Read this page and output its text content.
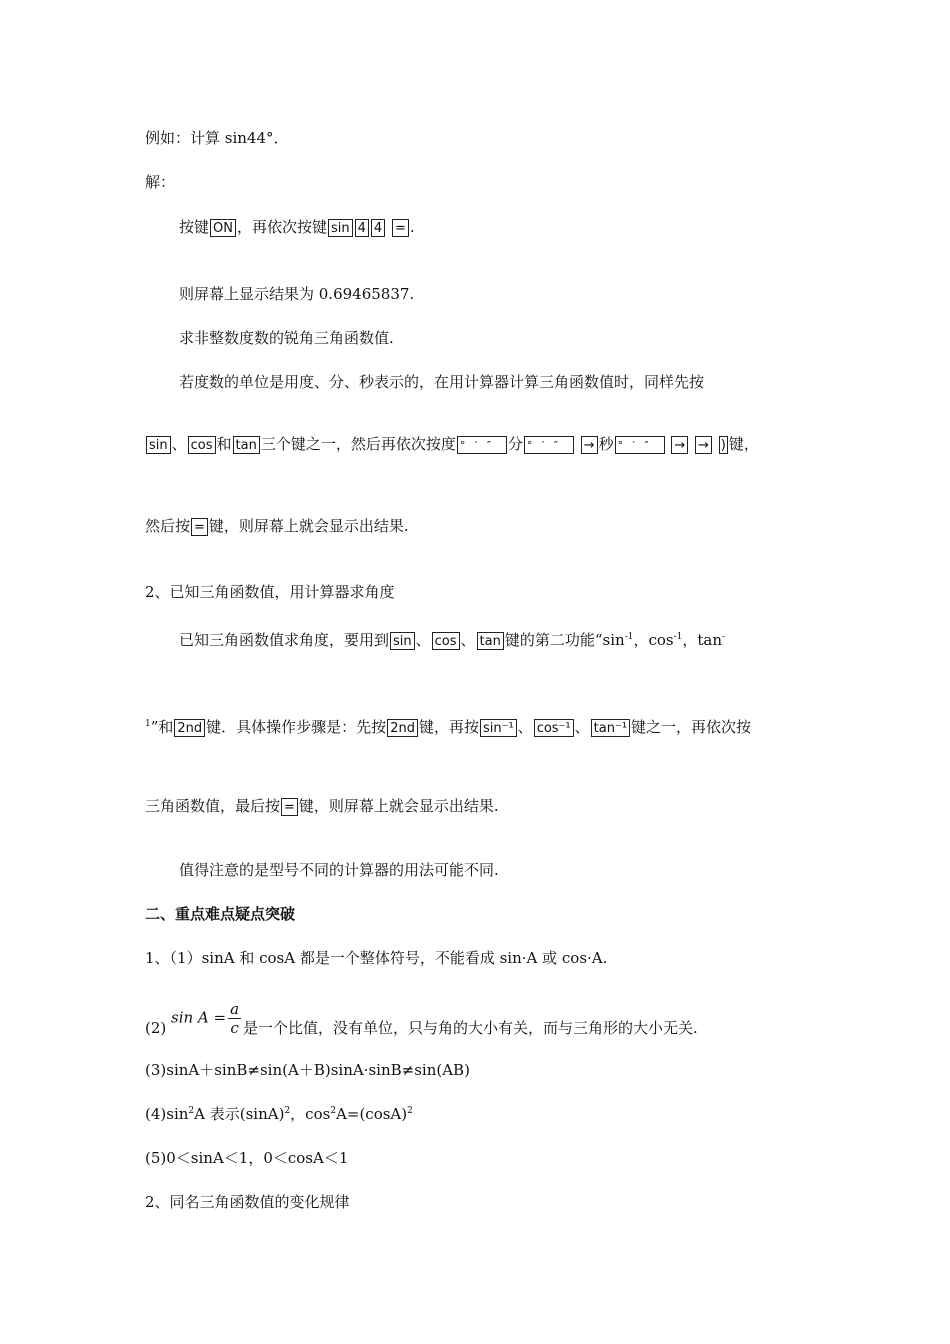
例如：计算 sin44°．
解：
按键 ON ，再依次按键 sin 4 4 = .
则屏幕上显示结果为 0.69465837.
求非整数度数的锐角三角函数值.
若度数的单位是用度、分、秒表示的，在用计算器计算三角函数值时，同样先按
sin 、 cos 和 tan 三个键之一，然后再依次按度 ° ′ ″ 分 ° ′ ″ → 秒 ° ′ ″ → → ) 键，
然后按 = 键，则屏幕上就会显示出结果.
2、已知三角函数值，用计算器求角度
已知三角函数值求角度，要用到 sin 、 cos 、 tan 键的第二功能“$\sin^{-1}$，$\cos^{-1}$，tan-
$^1$”和 2nd 键．具体操作步骤是：先按 2nd 键，再按 sin⁻¹ 、 cos⁻¹ 、 tan⁻¹ 键之一，再依次按
三角函数值，最后按 = 键，则屏幕上就会显示出结果.
值得注意的是型号不同的计算器的用法可能不同.
二、重点难点疑点突破
1、（1）sinA 和 cosA 都是一个整体符号，不能看成 sin·A 或 cos·A.
(2)
$\sin A = \frac{a}{c}$ 是一个比值，没有单位，只与角的大小有关，而与三角形的大小无关.
(3)sinA＋sinB≠sin(A＋B)sinA·sinB≠sin(AB)
$(4)\sin^2A$ 表示$(\sin A)^2$，$\cos^2A=(\cos A)^2$
(5)0＜sinA＜1，0＜cosA＜1
2、同名三角函数值的变化规律
